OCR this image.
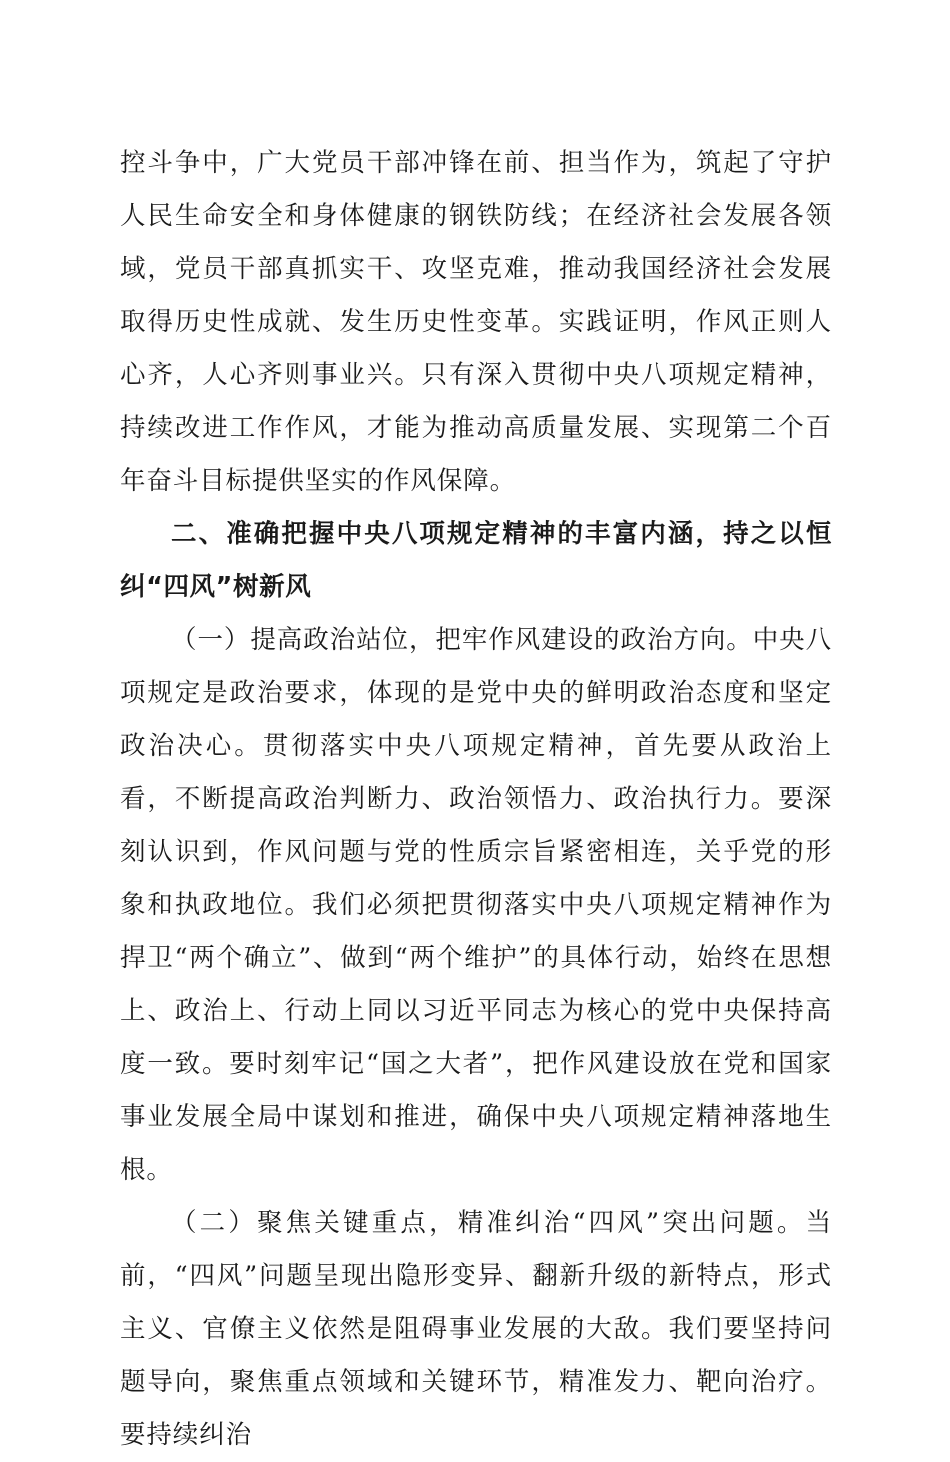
控斗争中，广大党员干部冲锋在前、担当作为，筑起了守护人民生命安全和身体健康的钢铁防线；在经济社会发展各领域，党员干部真抓实干、攻坚克难，推动我国经济社会发展取得历史性成就、发生历史性变革。实践证明，作风正则人心齐，人心齐则事业兴。只有深入贯彻中央八项规定精神，持续改进工作作风，才能为推动高质量发展、实现第二个百年奋斗目标提供坚实的作风保障。

二、准确把握中央八项规定精神的丰富内涵，持之以恒纠“四风”树新风

（一）提高政治站位，把牢作风建设的政治方向。中央八项规定是政治要求，体现的是党中央的鲜明政治态度和坚定政治决心。贯彻落实中央八项规定精神，首先要从政治上看，不断提高政治判断力、政治领悟力、政治执行力。要深刻认识到，作风问题与党的性质宗旨紧密相连，关乎党的形象和执政地位。我们必须把贯彻落实中央八项规定精神作为捍卫“两个确立”、做到“两个维护”的具体行动，始终在思想上、政治上、行动上同以习近平同志为核心的党中央保持高度一致。要时刻牢记“国之大者”，把作风建设放在党和国家事业发展全局中谋划和推进，确保中央八项规定精神落地生根。

（二）聚焦关键重点，精准纠治“四风”突出问题。当前，“四风”问题呈现出隐形变异、翻新升级的新特点，形式主义、官僚主义依然是阻碍事业发展的大敌。我们要坚持问题导向，聚焦重点领域和关键环节，精准发力、靶向治疗。要持续纠治
